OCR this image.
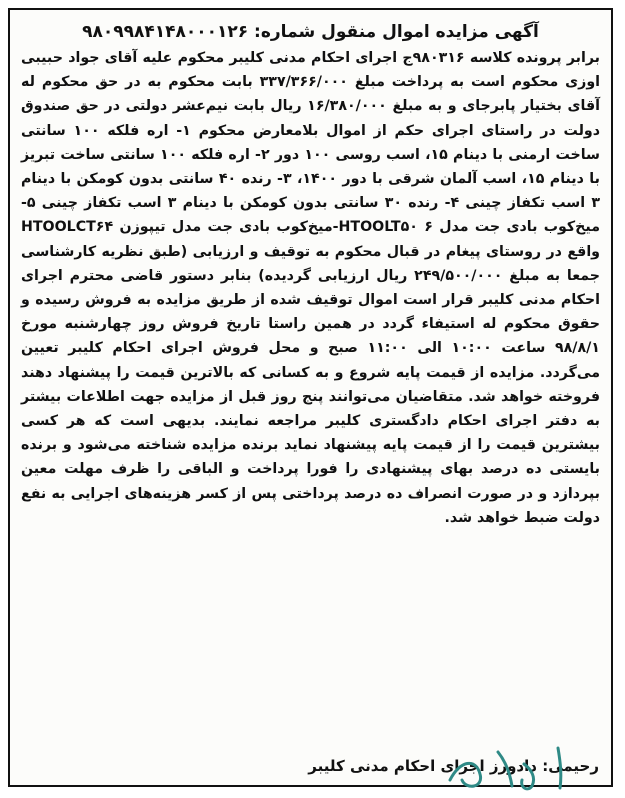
آگهی مزایده اموال منقول شماره: ۹۸۰۹۹۸۴۱۴۸۰۰۰۱۲۶
برابر پرونده کلاسه ۹۸۰۳۱۶ج اجرای احکام مدنی کلیبر محکوم علیه آقای جواد حبیبی اوزی محکوم است به پرداخت مبلغ ۳۳۷/۳۶۶/۰۰۰ بابت محکوم به در حق محکوم له آقای بختیار پابرجای و به مبلغ ۱۶/۳۸۰/۰۰۰ ریال بابت نیم‌عشر دولتی در حق صندوق دولت در راستای اجرای حکم از اموال بلامعارض محکوم ۱- اره فلکه ۱۰۰ سانتی ساخت ارمنی با دینام ۱۵، اسب روسی ۱۰۰ دور ۲- اره فلکه ۱۰۰ سانتی ساخت تبریز با دینام ۱۵، اسب آلمان شرقی با دور ۱۴۰۰، ۳- رنده ۴۰ سانتی بدون کومکن با دینام ۳ اسب تکفاز چینی ۴- رنده ۳۰ سانتی بدون کومکن با دینام ۳ اسب تکفاز چینی ۵- میخ‌کوب بادی جت مدل HTOOLT۵۰ ۶-میخ‌کوب بادی جت مدل تیپوزن HTOOLCT۶۴ واقع در روستای پیغام در قبال محکوم به توقیف و ارزیابی (طبق نظریه کارشناسی جمعا به مبلغ ۲۴۹/۵۰۰/۰۰۰ ریال ارزیابی گردیده) بنابر دستور قاضی محترم اجرای احکام مدنی کلیبر قرار است اموال توقیف شده از طریق مزایده به فروش رسیده و حقوق محکوم له استیفاء گردد در همین راستا تاریخ فروش روز چهارشنبه مورخ ۹۸/۸/۱ ساعت ۱۰:۰۰ الی ۱۱:۰۰ صبح و محل فروش اجرای احکام کلیبر تعیین می‌گردد. مزایده از قیمت پایه شروع و به کسانی که بالاترین قیمت را پیشنهاد دهند فروخته خواهد شد. متقاضیان می‌توانند پنج روز قبل از مزایده جهت اطلاعات بیشتر به دفتر اجرای احکام دادگستری کلیبر مراجعه نمایند. بدیهی است که هر کسی بیشترین قیمت را از قیمت پایه پیشنهاد نماید برنده مزایده شناخته می‌شود و برنده بایستی ده درصد بهای پیشنهادی را فورا پرداخت و الباقی را ظرف مهلت معین بپردازد و در صورت انصراف ده درصد پرداختی پس از کسر هزینه‌های اجرایی به نفع دولت ضبط خواهد شد.
رحیمی: دادورز اجرای احکام مدنی کلیبر
